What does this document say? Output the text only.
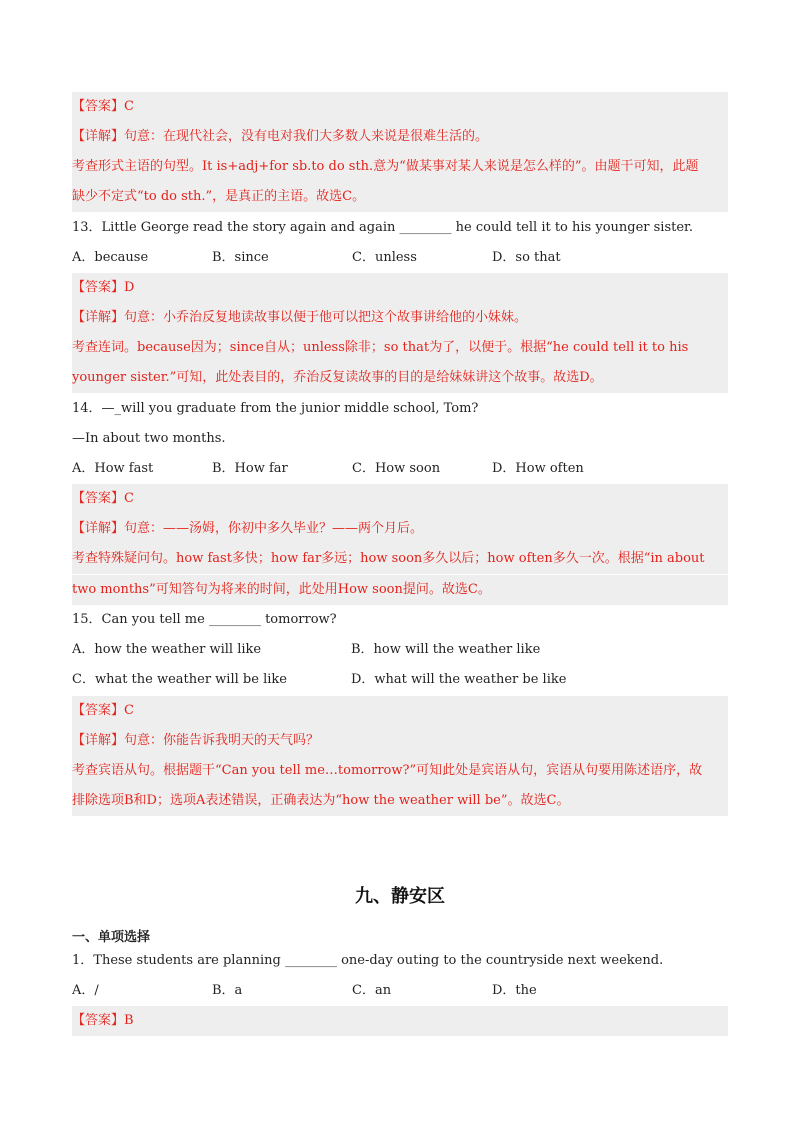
【答案】C
【详解】句意：在现代社会，没有电对我们大多数人来说是很难生活的。
考查形式主语的句型。It is+adj+for sb.to do sth.意为“做某事对某人来说是怎么样的”。由题干可知，此题
缺少不定式“to do sth.”，是真正的主语。故选C。
13．Little George read the story again and again ________ he could tell it to his younger sister.
A．because	B．since	C．unless	D．so that
【答案】D
【详解】句意：小乔治反复地读故事以便于他可以把这个故事讲给他的小妹妹。
考查连词。because因为；since自从；unless除非；so that为了，以便于。根据“he could tell it to his
younger sister.”可知，此处表目的，乔治反复读故事的目的是给妹妹讲这个故事。故选D。
14．—_will you graduate from the junior middle school, Tom?
—In about two months.
A．How fast	B．How far	C．How soon	D．How often
【答案】C
【详解】句意：——汤姆，你初中多久毕业？——两个月后。
考查特殊疑问句。how fast多快；how far多远；how soon多久以后；how often多久一次。根据“in about
two months”可知答句为将来的时间，此处用How soon提问。故选C。
15．Can you tell me ________ tomorrow?
A．how the weather will like	B．how will the weather like
C．what the weather will be like	D．what will the weather be like
【答案】C
【详解】句意：你能告诉我明天的天气吗？
考查宾语从句。根据题干“Can you tell me…tomorrow?”可知此处是宾语从句，宾语从句要用陈述语序，故
排除选项B和D；选项A表述错误，正确表达为“how the weather will be”。故选C。
九、静安区
一、单项选择
1．These students are planning ________ one-day outing to the countryside next weekend.
A．/	B．a	C．an	D．the
【答案】B
